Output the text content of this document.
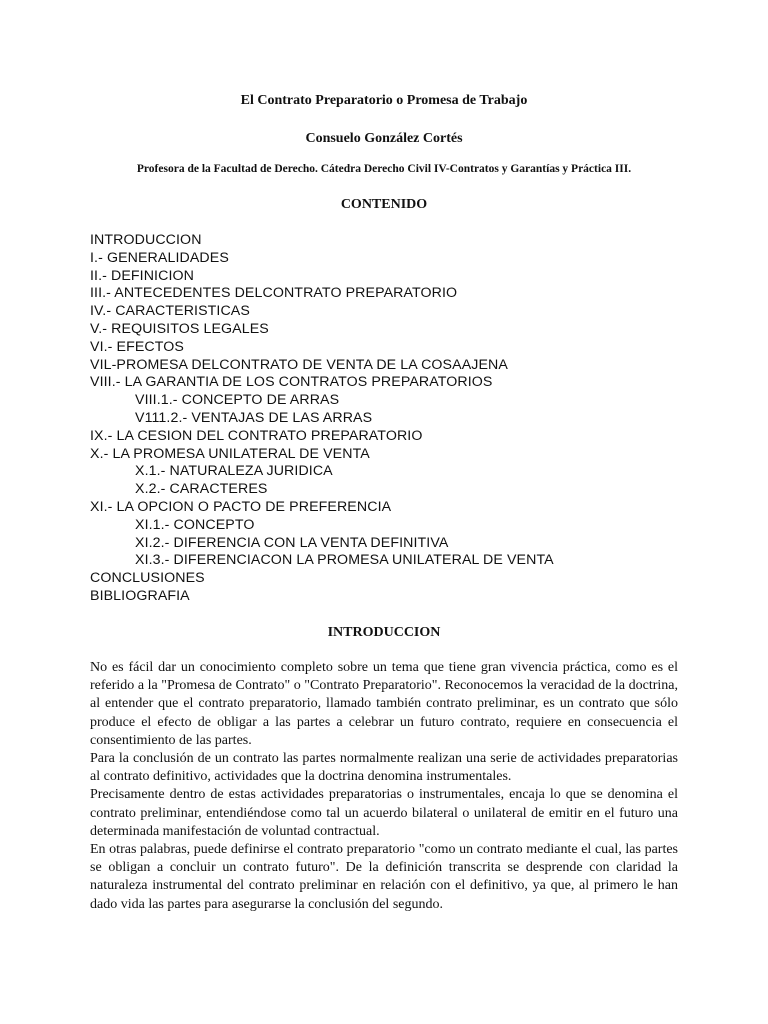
El Contrato Preparatorio o Promesa de Trabajo
Consuelo González Cortés
Profesora de la Facultad de Derecho. Cátedra Derecho Civil IV-Contratos y Garantías y Práctica III.
CONTENIDO
INTRODUCCION
I.- GENERALIDADES
II.- DEFINICION
III.- ANTECEDENTES DELCONTRATO PREPARATORIO
IV.- CARACTERISTICAS
V.- REQUISITOS LEGALES
VI.- EFECTOS
VIL-PROMESA DELCONTRATO DE VENTA DE LA COSAAJENA
VIII.- LA GARANTIA DE LOS CONTRATOS PREPARATORIOS
VIII.1.- CONCEPTO DE ARRAS
V111.2.- VENTAJAS DE LAS ARRAS
IX.- LA CESION DEL CONTRATO PREPARATORIO
X.- LA PROMESA UNILATERAL DE VENTA
X.1.- NATURALEZA JURIDICA
X.2.- CARACTERES
XI.- LA OPCION O PACTO DE PREFERENCIA
XI.1.- CONCEPTO
XI.2.- DIFERENCIA CON LA VENTA DEFINITIVA
XI.3.- DIFERENCIACON LA PROMESA UNILATERAL DE VENTA
CONCLUSIONES
BIBLIOGRAFIA
INTRODUCCION

No es fácil dar un conocimiento completo sobre un tema que tiene gran vivencia práctica, como es el referido a la "Promesa de Contrato" o "Contrato Preparatorio". Reconocemos la veracidad de la doctrina, al entender que el contrato preparatorio, llamado también contrato preliminar, es un contrato que sólo produce el efecto de obligar a las partes a celebrar un futuro contrato, requiere en consecuencia el consentimiento de las partes.

Para la conclusión de un contrato las partes normalmente realizan una serie de actividades preparatorias al contrato definitivo, actividades que la doctrina denomina instrumentales.

Precisamente dentro de estas actividades preparatorias o instrumentales, encaja lo que se denomina el contrato preliminar, entendiéndose como tal un acuerdo bilateral o unilateral de emitir en el futuro una determinada manifestación de voluntad contractual.

En otras palabras, puede definirse el contrato preparatorio "como un contrato mediante el cual, las partes se obligan a concluir un contrato futuro". De la definición transcrita se desprende con claridad la naturaleza instrumental del contrato preliminar en relación con el definitivo, ya que, al primero le han dado vida las partes para asegurarse la conclusión del segundo.
